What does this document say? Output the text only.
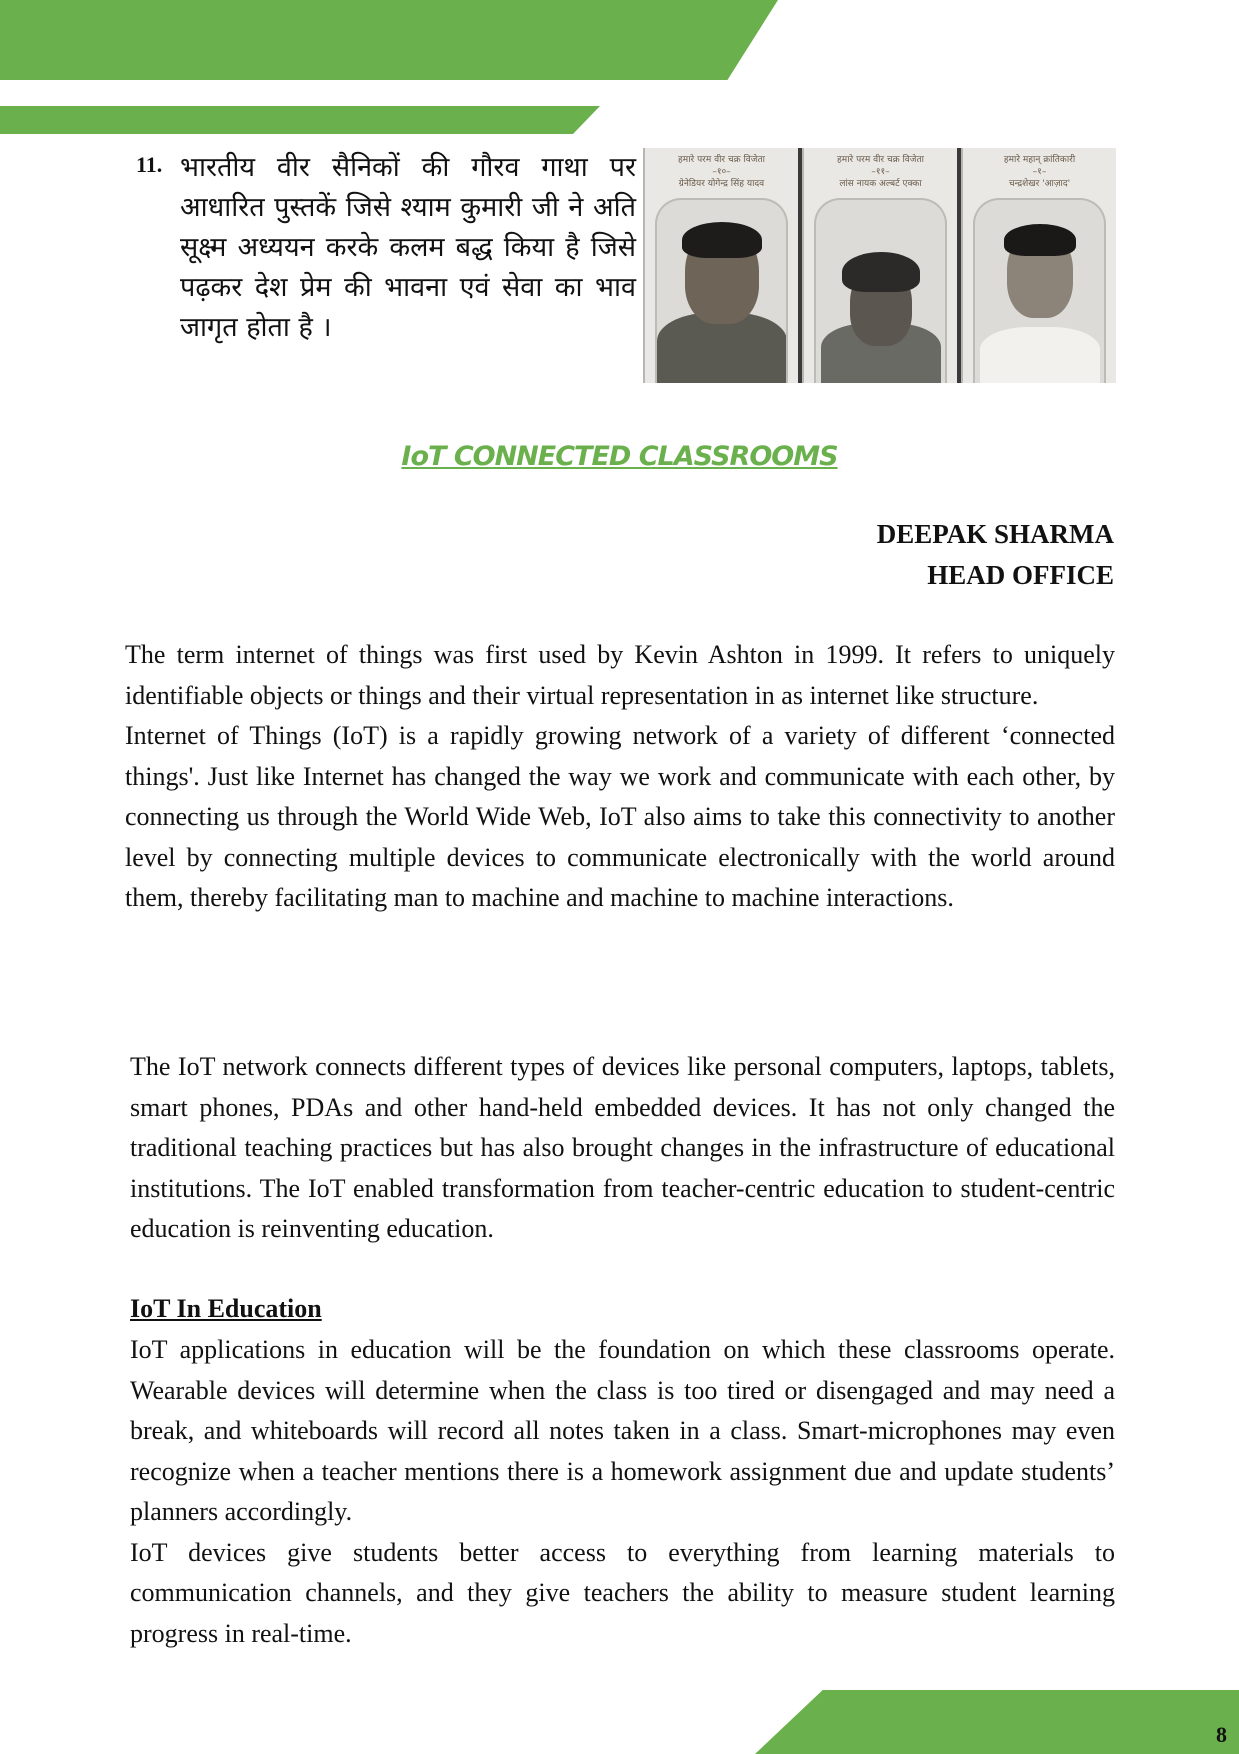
11. भारतीय वीर सैनिकों की गौरव गाथा पर आधारित पुस्तकें जिसे श्याम कुमारी जी ने अति सूक्ष्म अध्ययन करके कलम बद्ध किया है जिसे पढ़कर देश प्रेम की भावना एवं सेवा का भाव जागृत होता है ।
हमारे परम वीर चक्र विजेता
–१०–
ग्रेनेडियर योगेन्द्र सिंह यादव
हमारे परम वीर चक्र विजेता
–११–
लांस नायक अल्बर्ट एक्का
हमारे महान् क्रांतिकारी
–१–
चन्द्रशेखर 'आज़ाद'
IoT CONNECTED CLASSROOMS
DEEPAK SHARMA
HEAD OFFICE

The term internet of things was first used by Kevin Ashton in 1999. It refers to uniquely identifiable objects or things and their virtual representation in as internet like structure.

Internet of Things (IoT) is a rapidly growing network of a variety of different ‘connected things'. Just like Internet has changed the way we work and communicate with each other, by connecting us through the World Wide Web, IoT also aims to take this connectivity to another level by connecting multiple devices to communicate electronically with the world around them, thereby facilitating man to machine and machine to machine interactions.

The IoT network connects different types of devices like personal computers, laptops, tablets, smart phones, PDAs and other hand-held embedded devices. It has not only changed the traditional teaching practices but has also brought changes in the infrastructure of educational institutions. The IoT enabled transformation from teacher-centric education to student-centric education is reinventing education.

IoT In Education

IoT applications in education will be the foundation on which these classrooms operate. Wearable devices will determine when the class is too tired or disengaged and may need a break, and whiteboards will record all notes taken in a class. Smart-microphones may even recognize when a teacher mentions there is a homework assignment due and update students’ planners accordingly.

IoT devices give students better access to everything from learning materials to communication channels, and they give teachers the ability to measure student learning progress in real-time.

8
